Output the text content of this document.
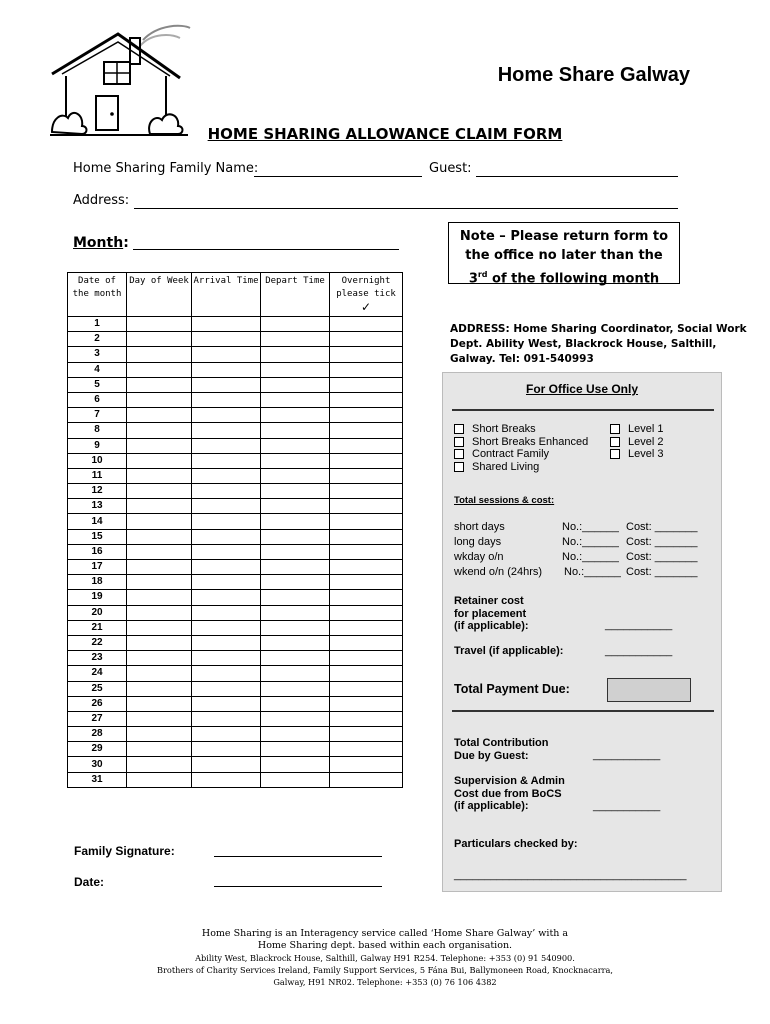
Home Share Galway
HOME SHARING ALLOWANCE CLAIM FORM
Home Sharing Family Name:	Guest:
Address:
Month:	Note – Please return form to the office no later than the 3rd of the following month
ADDRESS: Home Sharing Coordinator, Social Work Dept. Ability West, Blackrock House, Salthill, Galway. Tel: 091-540993
Date of the month	Day of Week	Arrival Time	Depart Time	Overnight please tick
✓
1				
2				
3				
4				
5				
6				
7				
8				
9				
10				
11				
12				
13				
14				
15				
16				
17				
18				
19				
20				
21				
22				
23				
24				
25				
26				
27				
28				
29				
30				
31				
For Office Use Only
Short Breaks
Short Breaks Enhanced
Contract Family
Shared Living
Level 1
Level 2
Level 3
Total sessions & cost:
short days	No.:______ Cost: _______
long days	No.:______ Cost: _______
wkday o/n	No.:______ Cost: _______
wkend o/n (24hrs) No.:______ Cost: _______
Retainer cost
for placement
(if applicable):	___________
Travel (if applicable):	___________
Total Payment Due:
Total Contribution
Due by Guest:	___________
Supervision & Admin
Cost due from BoCS
(if applicable):	___________
Particulars checked by:
______________________________________
Family Signature:
Date:
Home Sharing is an Interagency service called ‘Home Share Galway’ with a
Home Sharing dept. based within each organisation.
Ability West, Blackrock House, Salthill, Galway H91 R254. Telephone: +353 (0) 91 540900.
Brothers of Charity Services Ireland, Family Support Services, 5 Fána Bui, Ballymoneen Road, Knocknacarra,
Galway, H91 NR02. Telephone: +353 (0) 76 106 4382
